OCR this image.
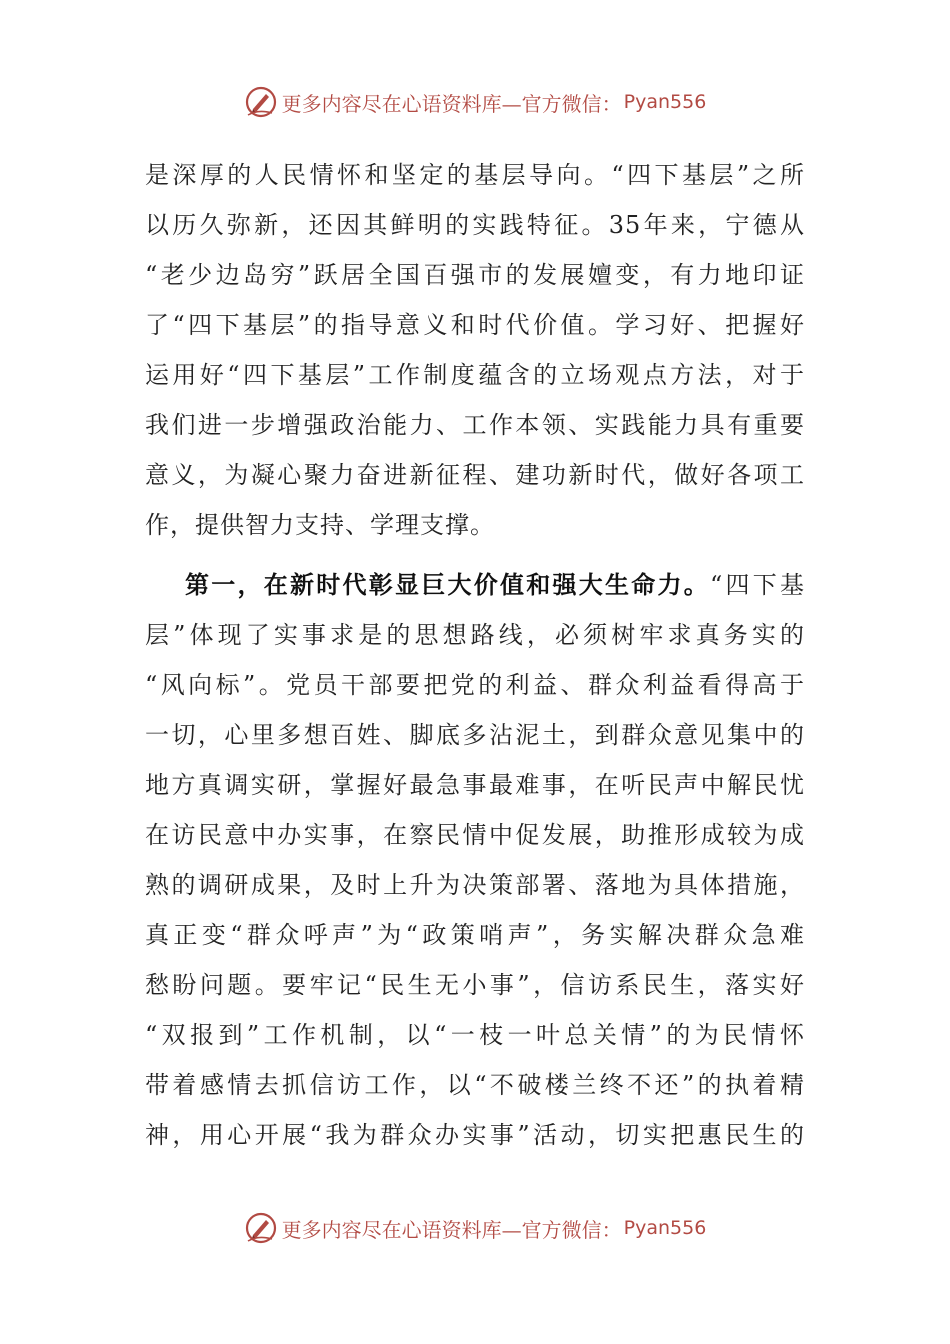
更多内容尽在心语资料库—官方微信： Pyan556
是深厚的人民情怀和坚定的基层导向。“四下基层”之所
以历久弥新，还因其鲜明的实践特征。35年来，宁德从
“老少边岛穷”跃居全国百强市的发展嬗变，有力地印证
了“四下基层”的指导意义和时代价值。学习好、把握好
运用好“四下基层”工作制度蕴含的立场观点方法，对于
我们进一步增强政治能力、工作本领、实践能力具有重要
意义，为凝心聚力奋进新征程、建功新时代，做好各项工
作，提供智力支持、学理支撑。
第一，在新时代彰显巨大价值和强大生命力。“四下基
层”体现了实事求是的思想路线，必须树牢求真务实的
“风向标”。党员干部要把党的利益、群众利益看得高于
一切，心里多想百姓、脚底多沾泥土，到群众意见集中的
地方真调实研，掌握好最急事最难事，在听民声中解民忧
在访民意中办实事，在察民情中促发展，助推形成较为成
熟的调研成果，及时上升为决策部署、落地为具体措施，
真正变“群众呼声”为“政策哨声”，务实解决群众急难
愁盼问题。要牢记“民生无小事”，信访系民生，落实好
“双报到”工作机制，以“一枝一叶总关情”的为民情怀
带着感情去抓信访工作，以“不破楼兰终不还”的执着精
神，用心开展“我为群众办实事”活动，切实把惠民生的
更多内容尽在心语资料库—官方微信： Pyan556
